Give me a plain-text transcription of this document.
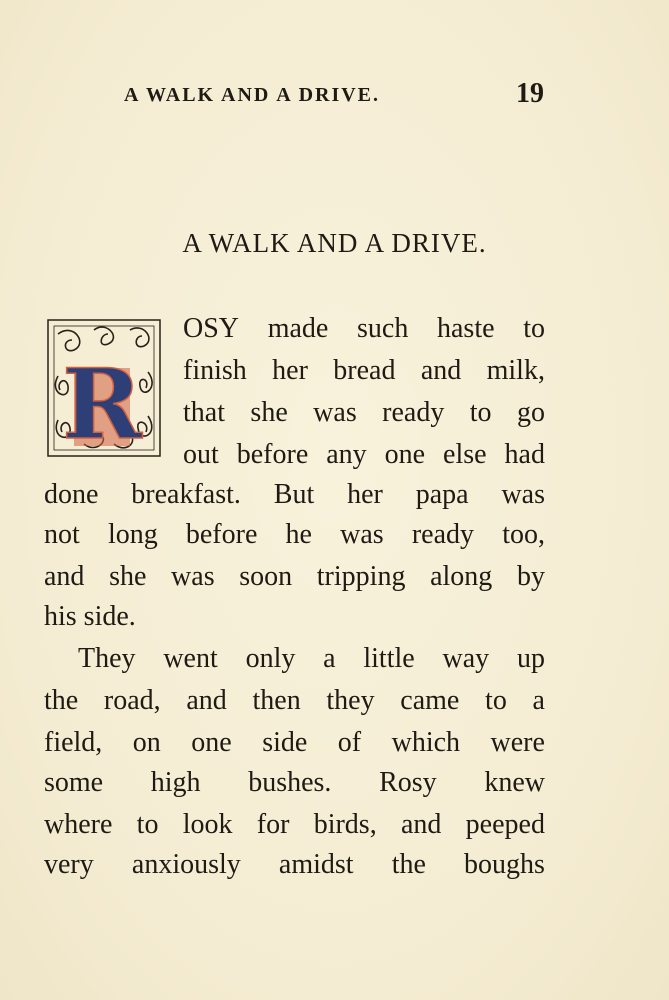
A WALK AND A DRIVE.	19
A WALK AND A DRIVE.
R
OSY made such haste to
finish her bread and milk,
that she was ready to go
out before any one else had
done breakfast. But her papa was
not long before he was ready too,
and she was soon tripping along by
his side.
They went only a little way up
the road, and then they came to a
field, on one side of which were
some high bushes. Rosy knew
where to look for birds, and peeped
very anxiously amidst the boughs
